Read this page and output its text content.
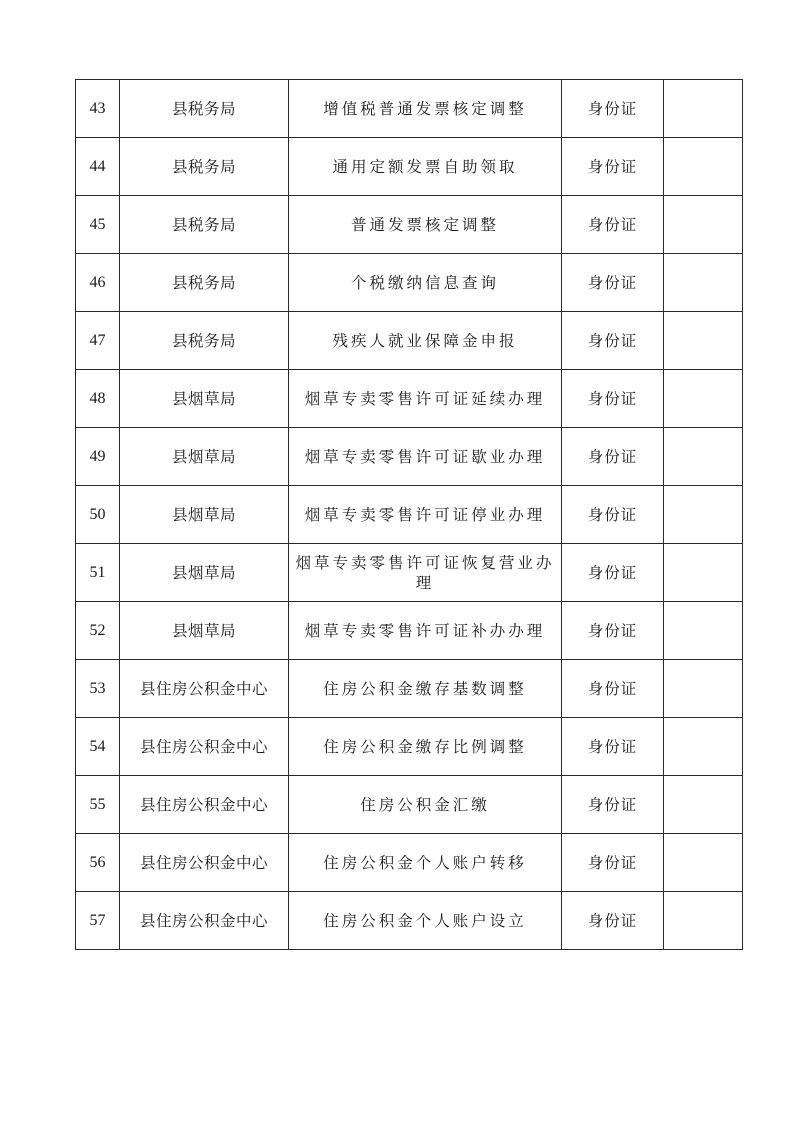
43	县税务局	增值税普通发票核定调整	身份证	
44	县税务局	通用定额发票自助领取	身份证	
45	县税务局	普通发票核定调整	身份证	
46	县税务局	个税缴纳信息查询	身份证	
47	县税务局	残疾人就业保障金申报	身份证	
48	县烟草局	烟草专卖零售许可证延续办理	身份证	
49	县烟草局	烟草专卖零售许可证歇业办理	身份证	
50	县烟草局	烟草专卖零售许可证停业办理	身份证	
51	县烟草局	烟草专卖零售许可证恢复营业办理	身份证	
52	县烟草局	烟草专卖零售许可证补办办理	身份证	
53	县住房公积金中心	住房公积金缴存基数调整	身份证	
54	县住房公积金中心	住房公积金缴存比例调整	身份证	
55	县住房公积金中心	住房公积金汇缴	身份证	
56	县住房公积金中心	住房公积金个人账户转移	身份证	
57	县住房公积金中心	住房公积金个人账户设立	身份证	
